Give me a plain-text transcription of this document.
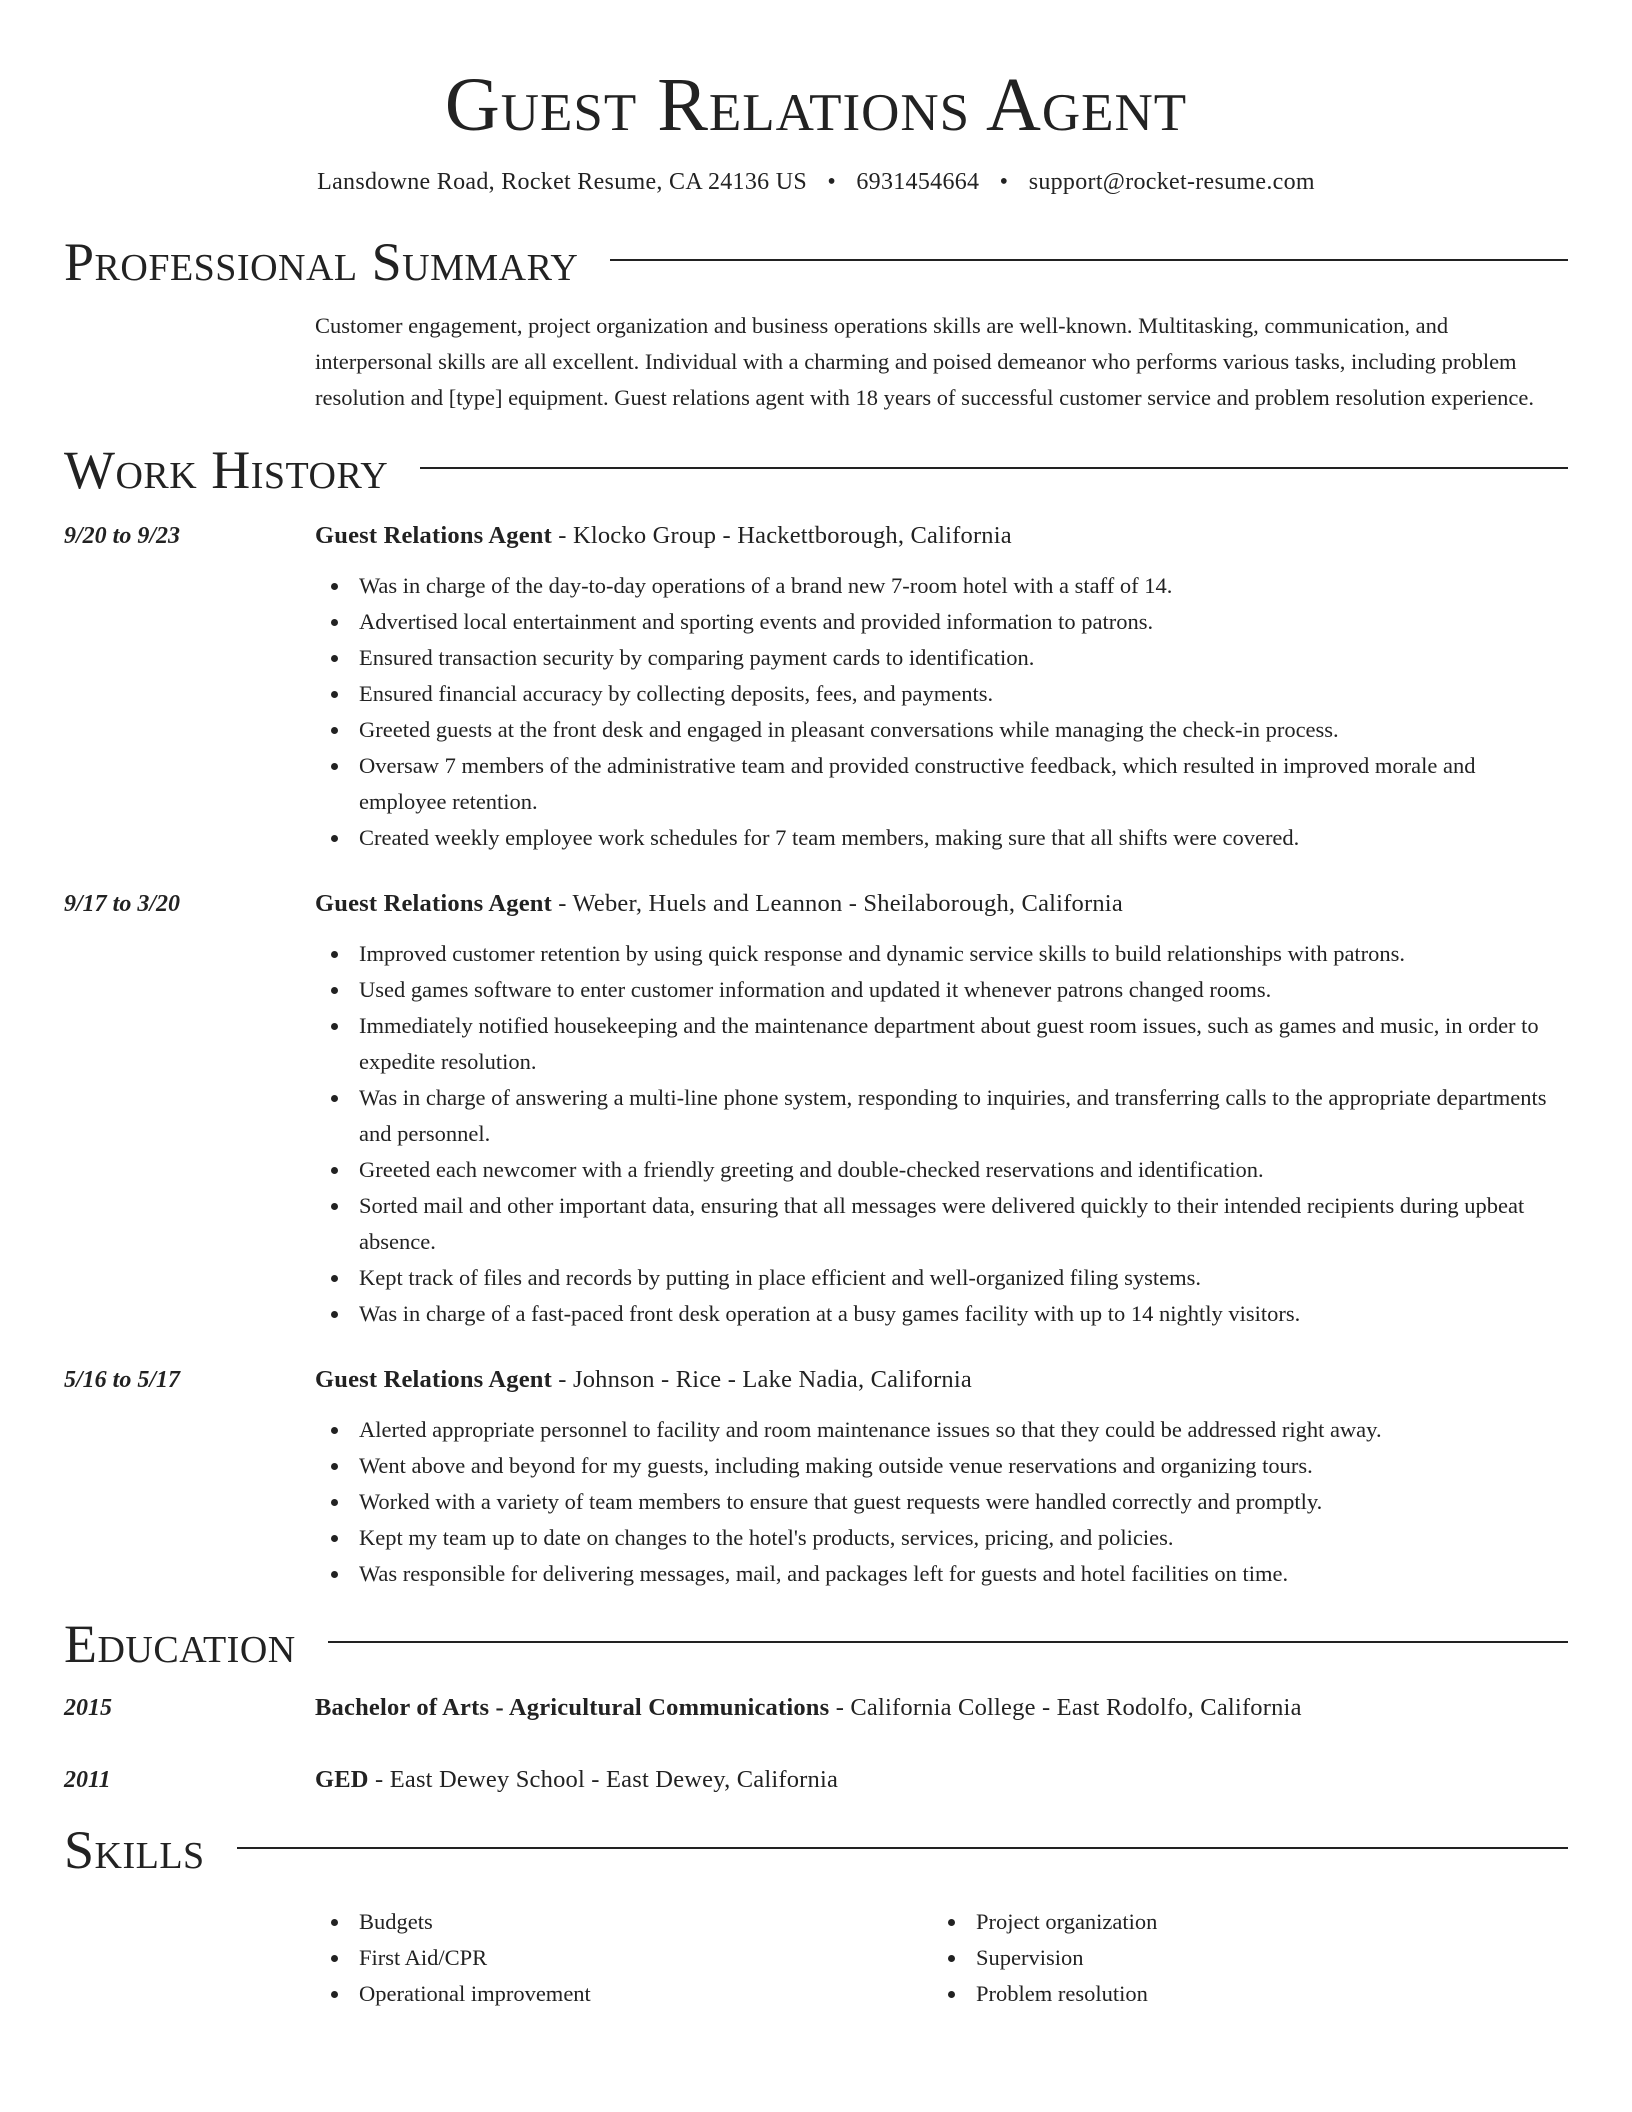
Guest Relations Agent
Lansdowne Road, Rocket Resume, CA 24136 US • 6931454664 • support@rocket-resume.com
Professional Summary
Customer engagement, project organization and business operations skills are well-known. Multitasking, communication, and interpersonal skills are all excellent. Individual with a charming and poised demeanor who performs various tasks, including problem resolution and [type] equipment. Guest relations agent with 18 years of successful customer service and problem resolution experience.
Work History
9/20 to 9/23	Guest Relations Agent - Klocko Group - Hackettborough, California
Was in charge of the day-to-day operations of a brand new 7-room hotel with a staff of 14.
Advertised local entertainment and sporting events and provided information to patrons.
Ensured transaction security by comparing payment cards to identification.
Ensured financial accuracy by collecting deposits, fees, and payments.
Greeted guests at the front desk and engaged in pleasant conversations while managing the check-in process.
Oversaw 7 members of the administrative team and provided constructive feedback, which resulted in improved morale and employee retention.
Created weekly employee work schedules for 7 team members, making sure that all shifts were covered.
9/17 to 3/20	Guest Relations Agent - Weber, Huels and Leannon - Sheilaborough, California
Improved customer retention by using quick response and dynamic service skills to build relationships with patrons.
Used games software to enter customer information and updated it whenever patrons changed rooms.
Immediately notified housekeeping and the maintenance department about guest room issues, such as games and music, in order to expedite resolution.
Was in charge of answering a multi-line phone system, responding to inquiries, and transferring calls to the appropriate departments and personnel.
Greeted each newcomer with a friendly greeting and double-checked reservations and identification.
Sorted mail and other important data, ensuring that all messages were delivered quickly to their intended recipients during upbeat absence.
Kept track of files and records by putting in place efficient and well-organized filing systems.
Was in charge of a fast-paced front desk operation at a busy games facility with up to 14 nightly visitors.
5/16 to 5/17	Guest Relations Agent - Johnson - Rice - Lake Nadia, California
Alerted appropriate personnel to facility and room maintenance issues so that they could be addressed right away.
Went above and beyond for my guests, including making outside venue reservations and organizing tours.
Worked with a variety of team members to ensure that guest requests were handled correctly and promptly.
Kept my team up to date on changes to the hotel's products, services, pricing, and policies.
Was responsible for delivering messages, mail, and packages left for guests and hotel facilities on time.
Education
2015	Bachelor of Arts - Agricultural Communications - California College - East Rodolfo, California
2011	GED - East Dewey School - East Dewey, California
Skills
Budgets
First Aid/CPR
Operational improvement
Project organization
Supervision
Problem resolution
